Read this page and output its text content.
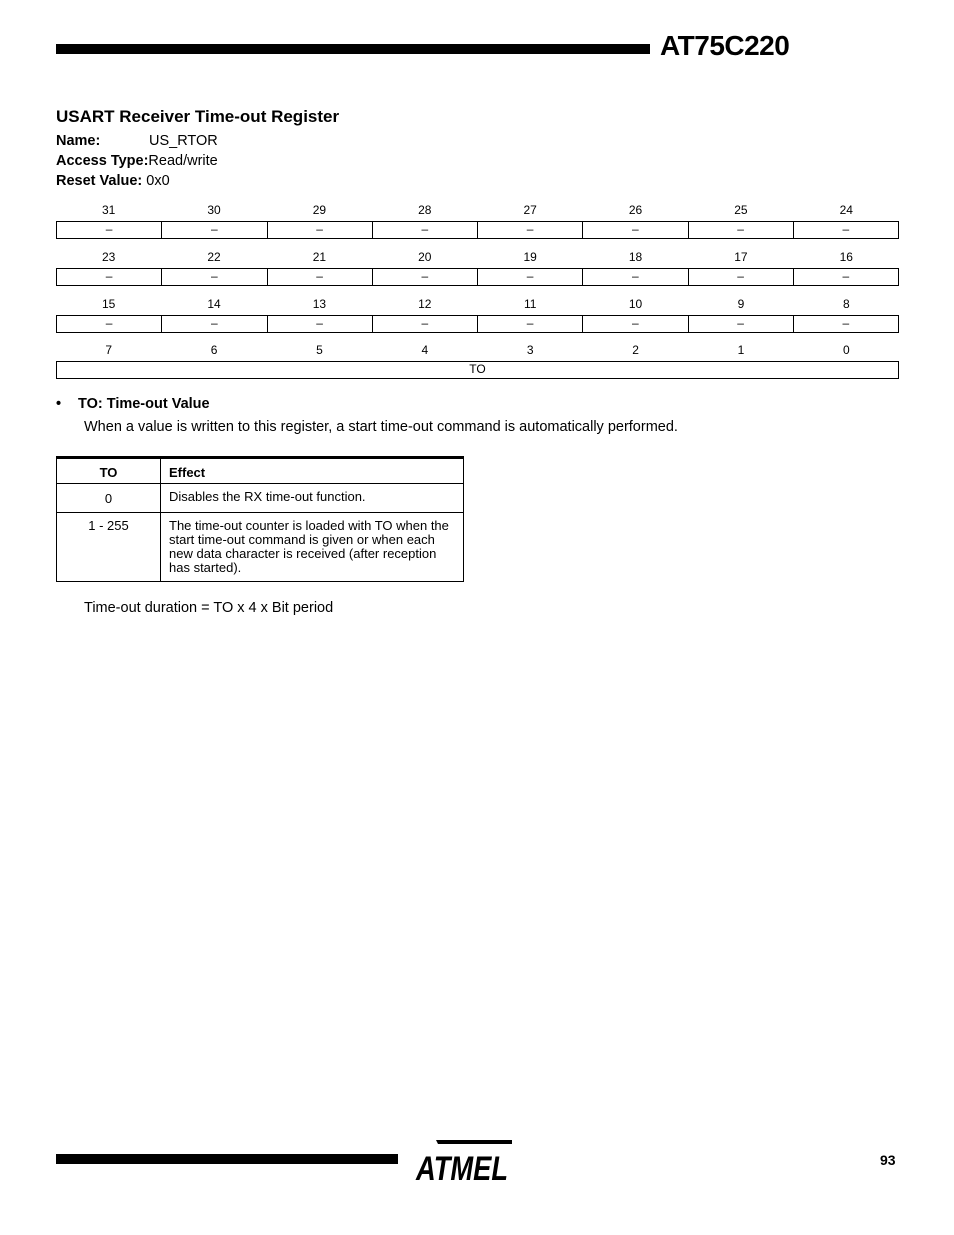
AT75C220
USART Receiver Time-out Register
Name:	US_RTOR
Access Type:Read/write
Reset Value: 0x0
31	30	29	28	27	26	25	24
–	–	–	–	–	–	–	–
23	22	21	20	19	18	17	16
–	–	–	–	–	–	–	–
15	14	13	12	11	10	9	8
–	–	–	–	–	–	–	–
7	6	5	4	3	2	1	0
TO
• TO: Time-out Value
When a value is written to this register, a start time-out command is automatically performed.
TO	Effect
0	Disables the RX time-out function.
1 - 255	The time-out counter is loaded with TO when the start time-out command is given or when each new data character is received (after reception has started).
Time-out duration = TO x 4 x Bit period
ATMEL	93
